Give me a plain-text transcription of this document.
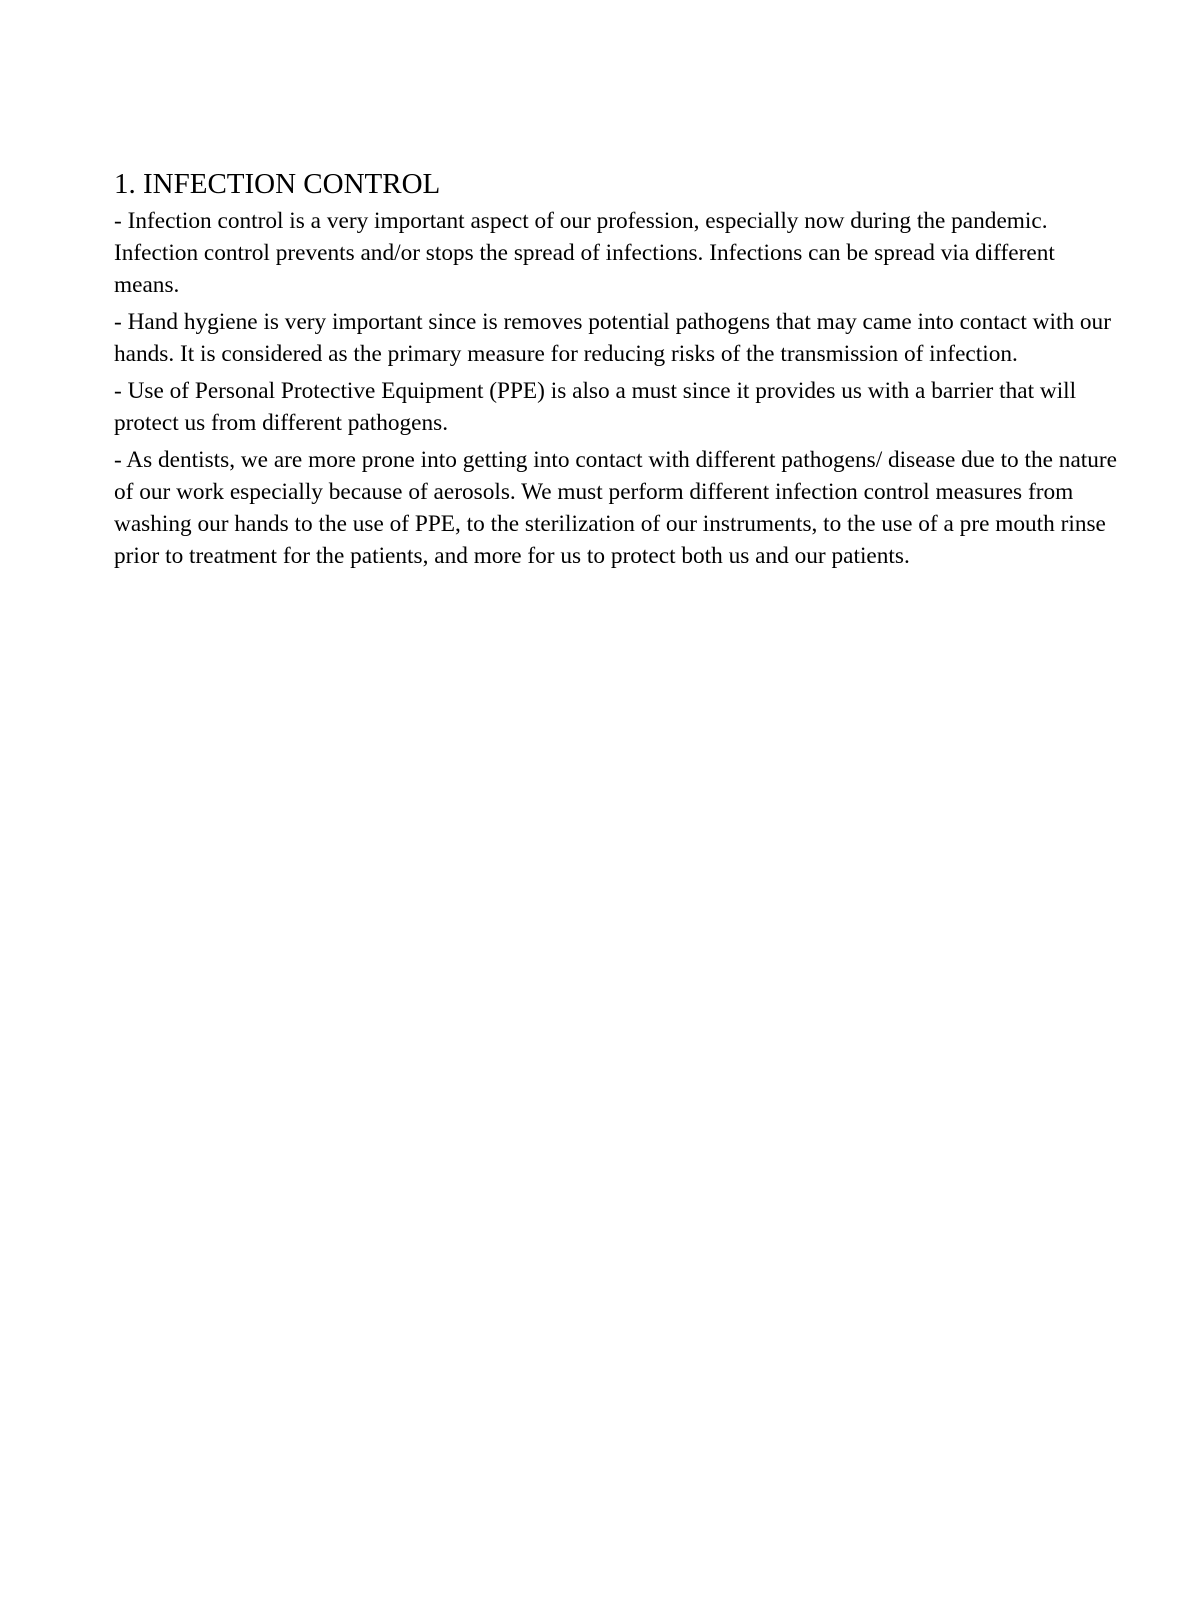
1. INFECTION CONTROL

- Infection control is a very important aspect of our profession, especially now during the pandemic. Infection control prevents and/or stops the spread of infections. Infections can be spread via different means.

- Hand hygiene is very important since is removes potential pathogens that may came into contact with our hands. It is considered as the primary measure for reducing risks of the transmission of infection.

- Use of Personal Protective Equipment (PPE) is also a must since it provides us with a barrier that will protect us from different pathogens.

- As dentists, we are more prone into getting into contact with different pathogens/ disease due to the nature of our work especially because of aerosols. We must perform different infection control measures from washing our hands to the use of PPE, to the sterilization of our instruments, to the use of a pre mouth rinse prior to treatment for the patients, and more for us to protect both us and our patients.
